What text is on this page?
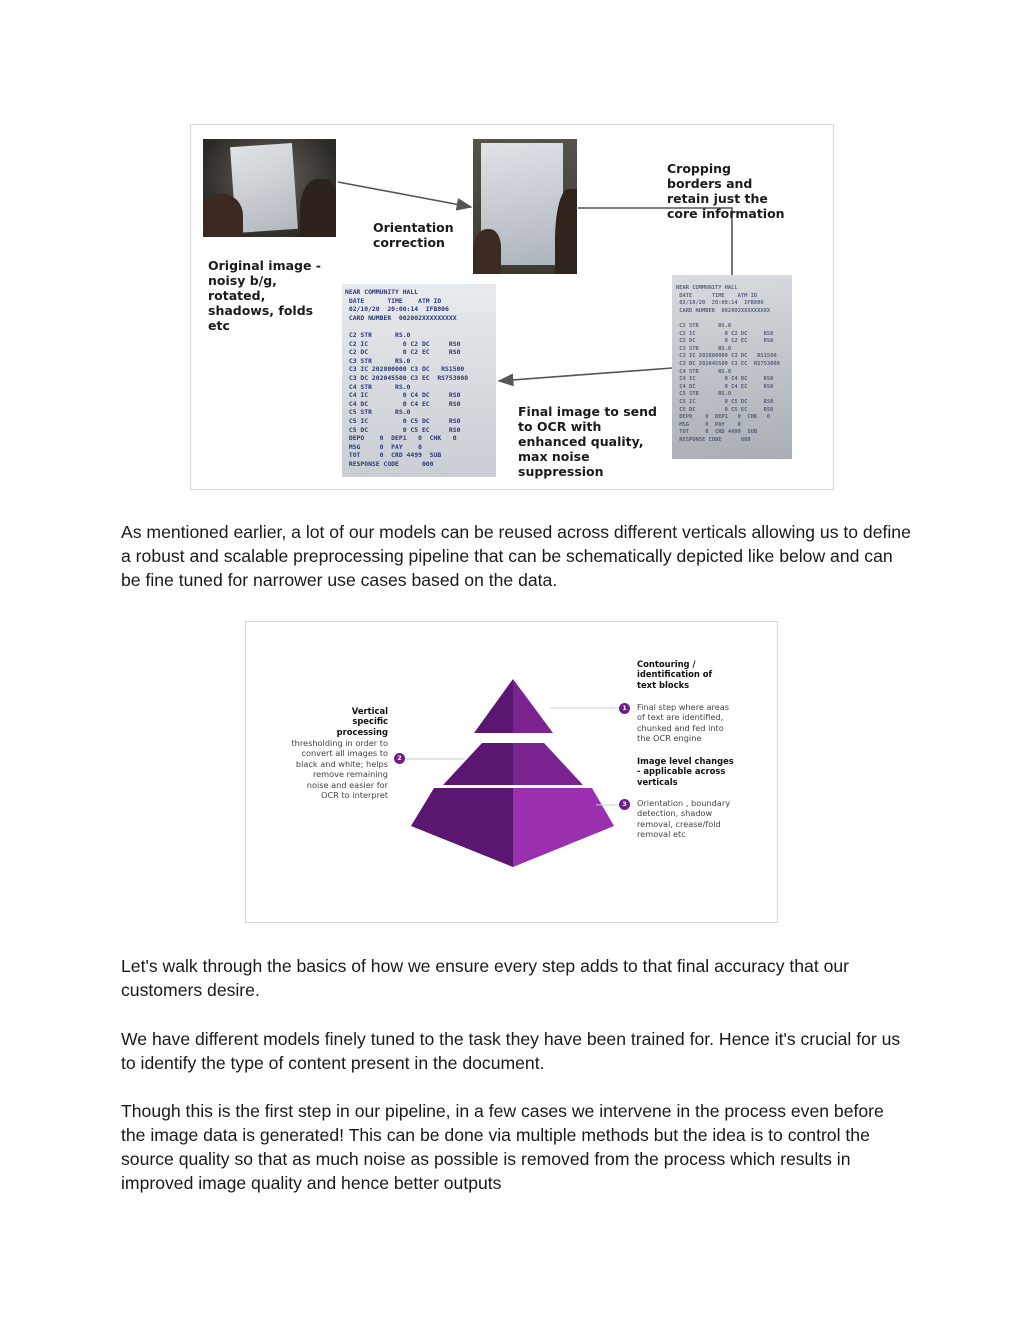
NEAR COMMUNITY HALL
DATE      TIME    ATM ID
02/10/20  20:00:14  IFB806
CARD NUMBER  002002XXXXXXXXX

C2 STR      RS.0
C2 IC         0 C2 DC     RS0
C2 DC         0 C2 EC     RS0
C3 STR      RS.0
C3 IC 202800000 C3 DC   RS1500
C3 DC 202045500 C3 EC  RS753000
C4 STR      RS.0
C4 IC         0 C4 DC     RS0
C4 DC         0 C4 EC     RS0
C5 STR      RS.0
C5 IC         0 C5 DC     RS0
C5 DC         0 C5 EC     RS0
DEPO    0  DEP1   0  CHK   0
MSG     0  PAY    0
TOT     0  CRD 4499  SUB
RESPONSE CODE      000
NEAR COMMUNITY HALL
DATE      TIME    ATM ID
02/10/20  20:00:14  IFB806
CARD NUMBER  002002XXXXXXXXX

C2 STR      RS.0
C2 IC         0 C2 DC     RS0
C2 DC         0 C2 EC     RS0
C3 STR      RS.0
C3 IC 202800000 C3 DC   RS1500
C3 DC 202045500 C3 EC  RS753000
C4 STR      RS.0
C4 IC         0 C4 DC     RS0
C4 DC         0 C4 EC     RS0
C5 STR      RS.0
C5 IC         0 C5 DC     RS0
C5 DC         0 C5 EC     RS0
DEPO    0  DEP1   0  CHK   0
MSG     0  PAY    0
TOT     0  CRD 4499  SUB
RESPONSE CODE      000
Original image - noisy b/g, rotated, shadows, folds etc
Orientation correction
Cropping borders and retain just the core information
Final image to send to OCR with enhanced quality, max noise suppression

As mentioned earlier, a lot of our models can be reused across different verticals allowing us to define a robust and scalable preprocessing pipeline that can be schematically depicted like below and can be fine tuned for narrower use cases based on the data.

1
2
3
Contouring / identification of text blocks
Final step where areas of text are identified, chunked and fed into the OCR engine
Image level changes - applicable across verticals
Orientation , boundary detection, shadow removal, crease/fold removal etc
Vertical specific processing
thresholding in order to convert all images to black and white; helps remove remaining noise and easier for OCR to interpret

Let's walk through the basics of how we ensure every step adds to that final accuracy that our customers desire.

We have different models finely tuned to the task they have been trained for. Hence it's crucial for us to identify the type of content present in the document.

Though this is the first step in our pipeline, in a few cases we intervene in the process even before the image data is generated! This can be done via multiple methods but the idea is to control the source quality so that as much noise as possible is removed from the process which results in improved image quality and hence better outputs
